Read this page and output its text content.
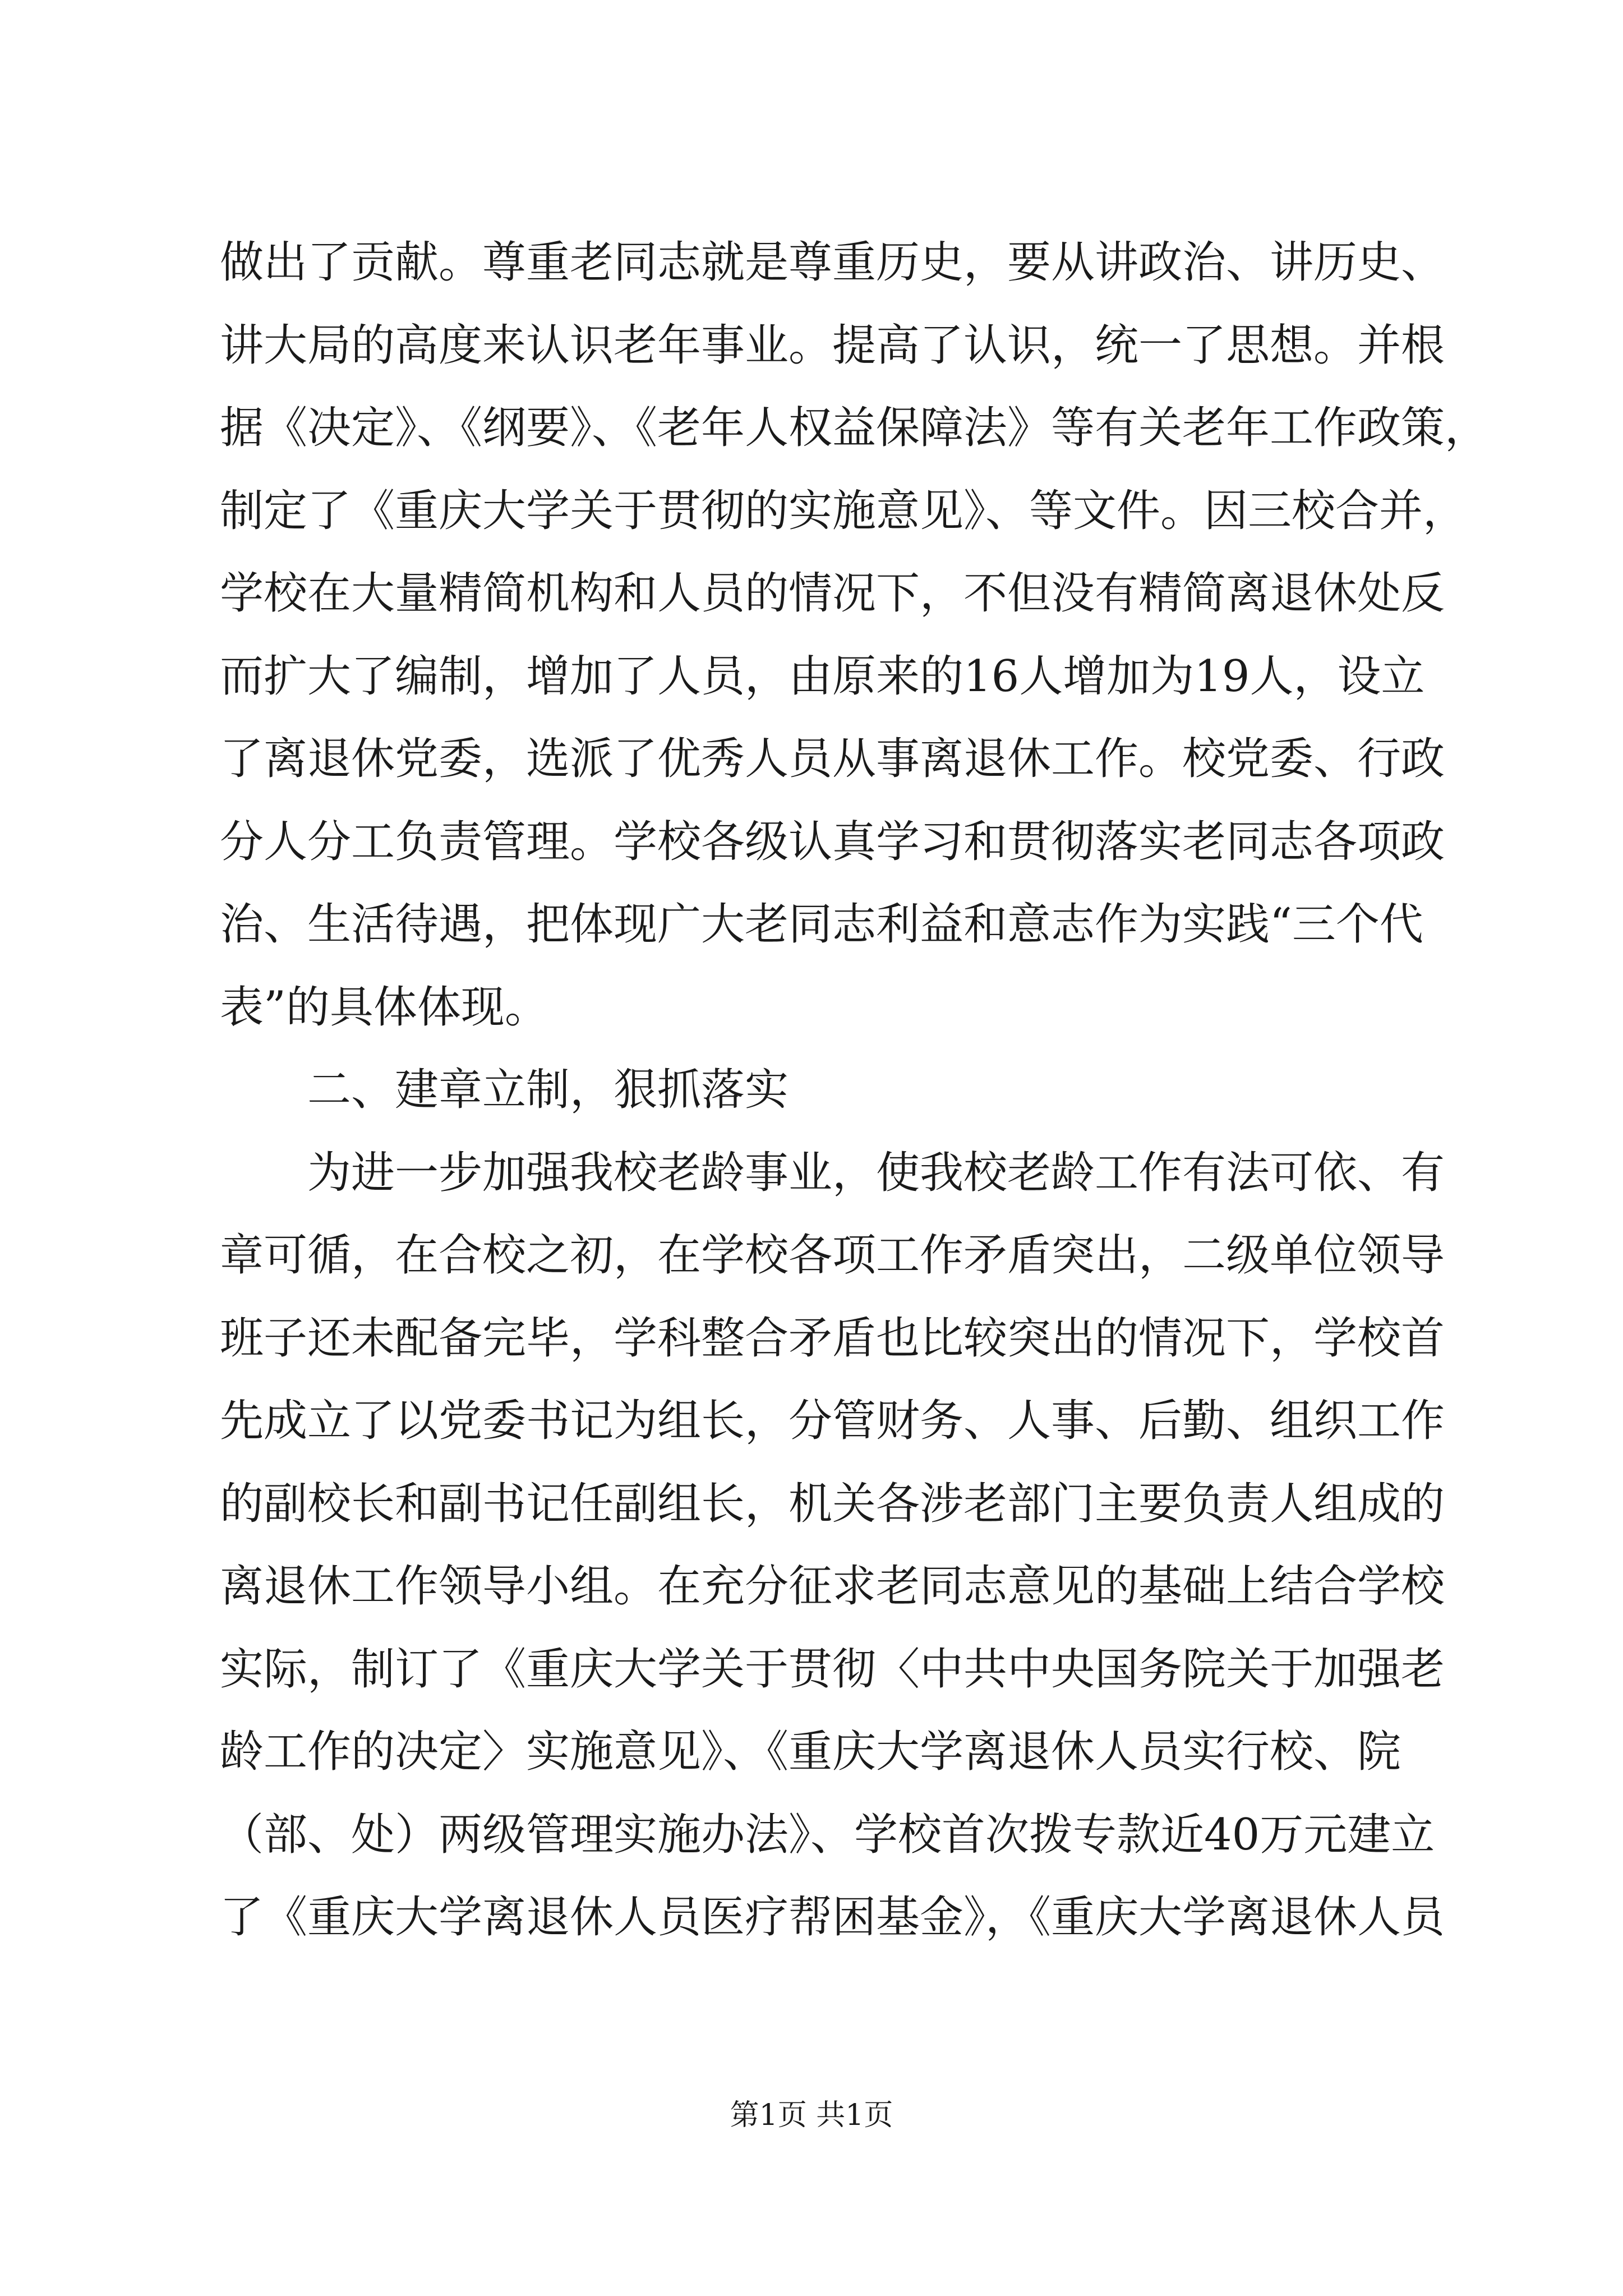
做出了贡献。尊重老同志就是尊重历史，要从讲政治、讲历史、
讲大局的高度来认识老年事业。提高了认识，统一了思想。并根
据《决定》、《纲要》、《老年人权益保障法》等有关老年工作政策，
制定了《重庆大学关于贯彻的实施意见》、等文件。因三校合并，
学校在大量精简机构和人员的情况下，不但没有精简离退休处反
而扩大了编制，增加了人员，由原来的16人增加为19人，设立
了离退休党委，选派了优秀人员从事离退休工作。校党委、行政
分人分工负责管理。学校各级认真学习和贯彻落实老同志各项政
治、生活待遇，把体现广大老同志利益和意志作为实践“三个代
表”的具体体现。
二、建章立制，狠抓落实
为进一步加强我校老龄事业，使我校老龄工作有法可依、有
章可循，在合校之初，在学校各项工作矛盾突出，二级单位领导
班子还未配备完毕，学科整合矛盾也比较突出的情况下，学校首
先成立了以党委书记为组长，分管财务、人事、后勤、组织工作
的副校长和副书记任副组长，机关各涉老部门主要负责人组成的
离退休工作领导小组。在充分征求老同志意见的基础上结合学校
实际，制订了《重庆大学关于贯彻〈中共中央国务院关于加强老
龄工作的决定〉实施意见》、《重庆大学离退休人员实行校、院
（部、处）两级管理实施办法》、学校首次拨专款近40万元建立
了《重庆大学离退休人员医疗帮困基金》，《重庆大学离退休人员
第1页 共1页
